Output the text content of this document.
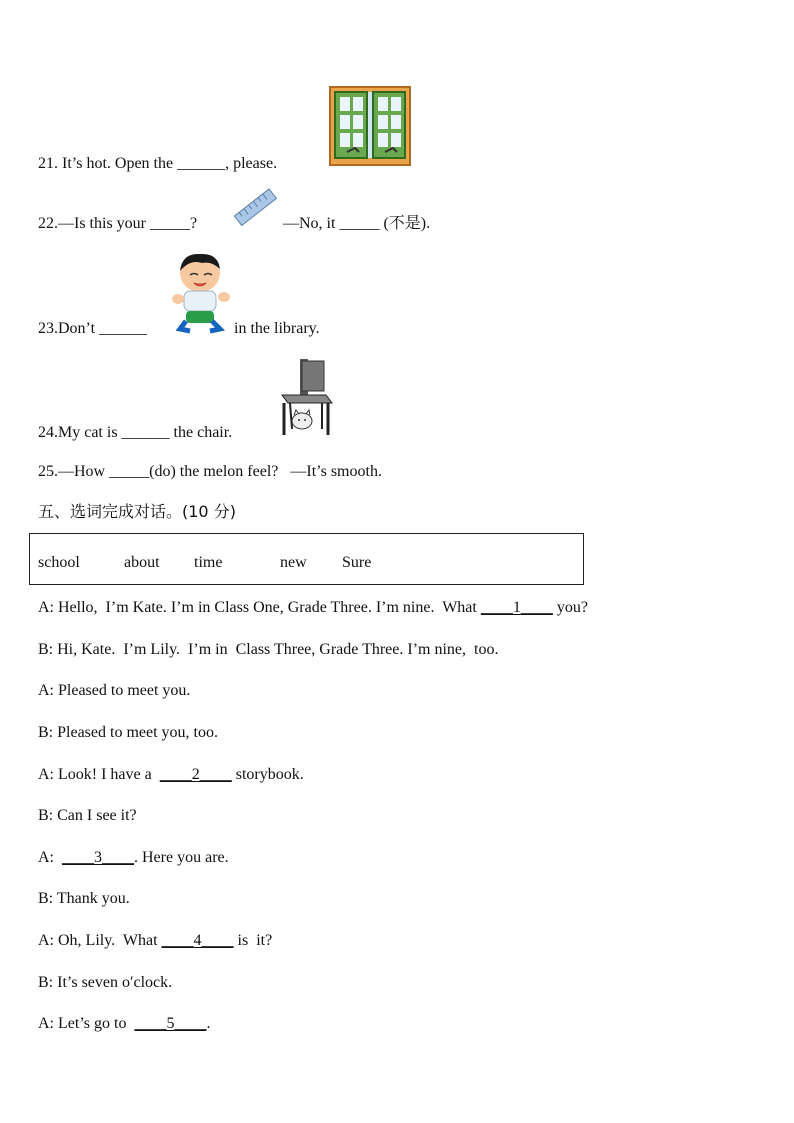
21. It’s hot. Open the ______, please.
22.—Is this your _____?	—No, it _____ (不是).
23.Don’t ______	in the library.
24.My cat is ______ the chair.
25.—How _____(do) the melon feel?   —It’s smooth.
五、选词完成对话。(10 分)
school	about time	new Sure
A: Hello,  I’m Kate. I’m in Class One, Grade Three. I’m nine.  What ____1____ you?
B: Hi, Kate.  I’m Lily.  I’m in  Class Three, Grade Three. I’m nine,  too.
A: Pleased to meet you.
B: Pleased to meet you, too.
A: Look! I have a  ____2____ storybook.
B: Can I see it?
A:  ____3____. Here you are.
B: Thank you.
A: Oh, Lily.  What ____4____ is  it?
B: It’s seven o′clock.
A: Let’s go to  ____5____.
